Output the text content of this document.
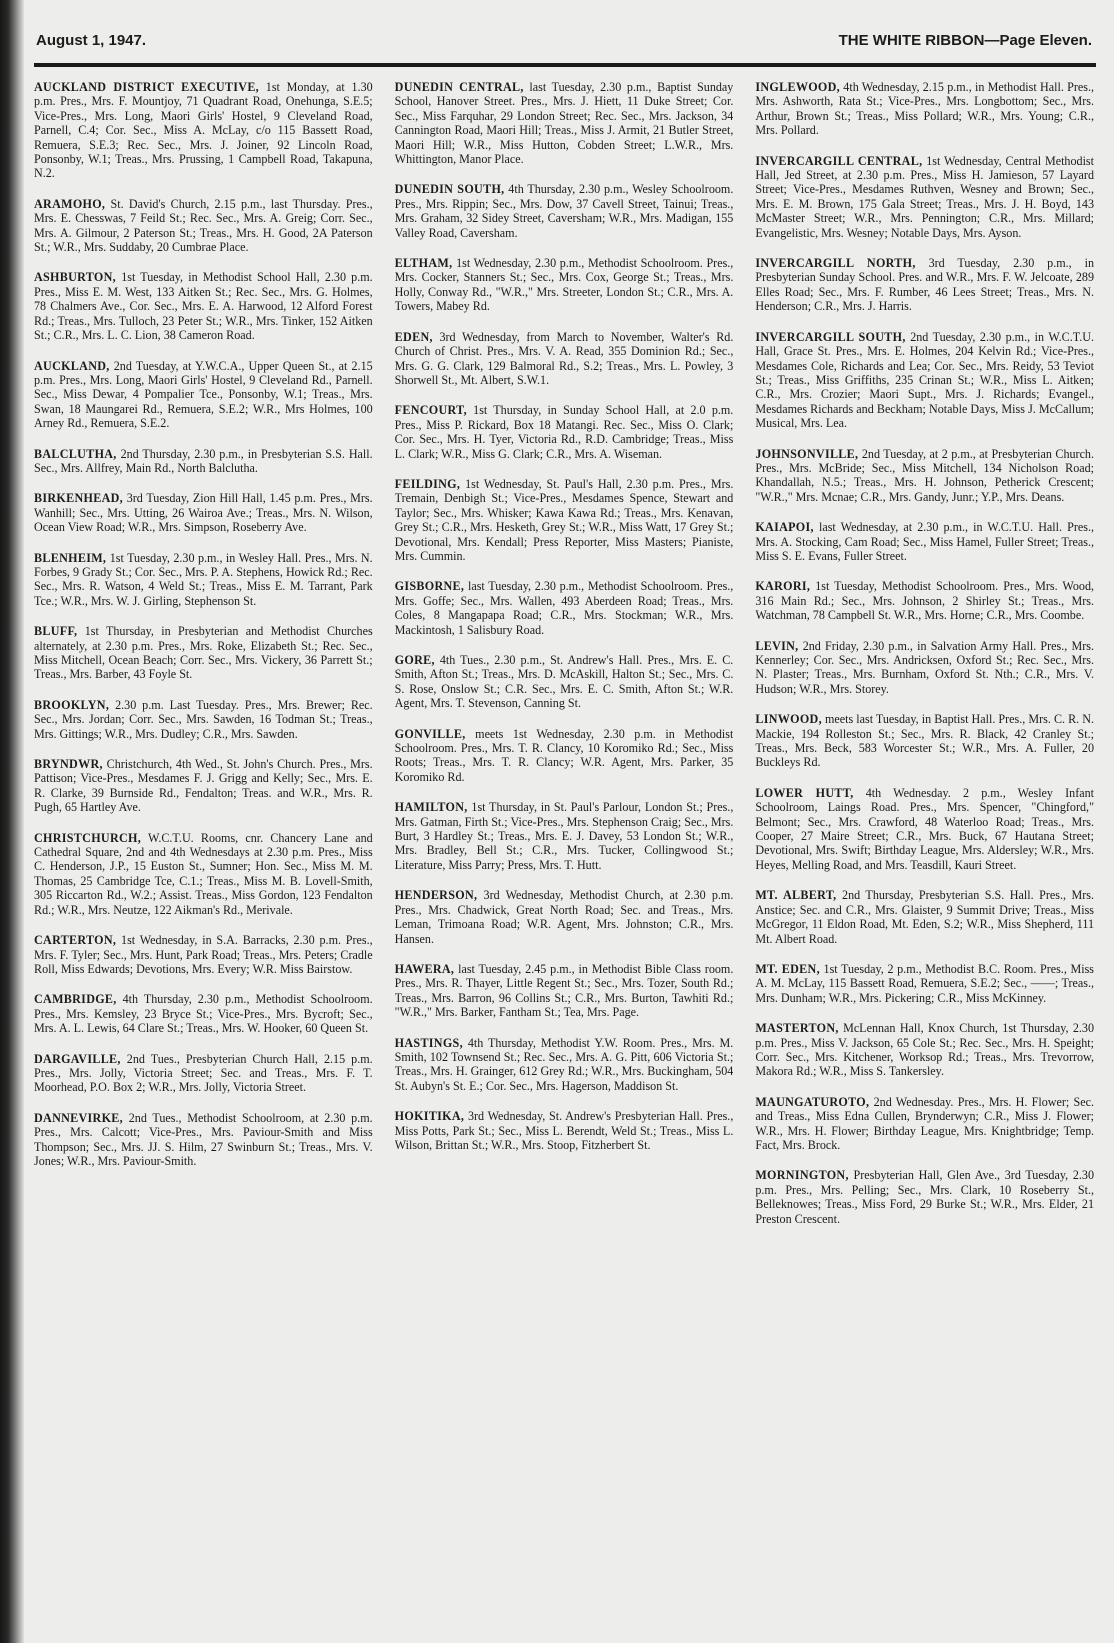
August 1, 1947.	THE WHITE RIBBON—Page Eleven.

AUCKLAND DISTRICT EXECUTIVE, 1st Monday, at 1.30 p.m. Pres., Mrs. F. Mountjoy, 71 Quadrant Road, Onehunga, S.E.5; Vice-Pres., Mrs. Long, Maori Girls' Hostel, 9 Cleveland Road, Parnell, C.4; Cor. Sec., Miss A. McLay, c/o 115 Bassett Road, Remuera, S.E.3; Rec. Sec., Mrs. J. Joiner, 92 Lincoln Road, Ponsonby, W.1; Treas., Mrs. Prussing, 1 Campbell Road, Takapuna, N.2.

ARAMOHO, St. David's Church, 2.15 p.m., last Thursday. Pres., Mrs. E. Chesswas, 7 Feild St.; Rec. Sec., Mrs. A. Greig; Corr. Sec., Mrs. A. Gilmour, 2 Paterson St.; Treas., Mrs. H. Good, 2A Paterson St.; W.R., Mrs. Suddaby, 20 Cumbrae Place.

ASHBURTON, 1st Tuesday, in Methodist School Hall, 2.30 p.m. Pres., Miss E. M. West, 133 Aitken St.; Rec. Sec., Mrs. G. Holmes, 78 Chalmers Ave., Cor. Sec., Mrs. E. A. Harwood, 12 Alford Forest Rd.; Treas., Mrs. Tulloch, 23 Peter St.; W.R., Mrs. Tinker, 152 Aitken St.; C.R., Mrs. L. C. Lion, 38 Cameron Road.

AUCKLAND, 2nd Tuesday, at Y.W.C.A., Upper Queen St., at 2.15 p.m. Pres., Mrs. Long, Maori Girls' Hostel, 9 Cleveland Rd., Parnell. Sec., Miss Dewar, 4 Pompalier Tce., Ponsonby, W.1; Treas., Mrs. Swan, 18 Maungarei Rd., Remuera, S.E.2; W.R., Mrs Holmes, 100 Arney Rd., Remuera, S.E.2.

BALCLUTHA, 2nd Thursday, 2.30 p.m., in Presbyterian S.S. Hall. Sec., Mrs. Allfrey, Main Rd., North Balclutha.

BIRKENHEAD, 3rd Tuesday, Zion Hill Hall, 1.45 p.m. Pres., Mrs. Wanhill; Sec., Mrs. Utting, 26 Wairoa Ave.; Treas., Mrs. N. Wilson, Ocean View Road; W.R., Mrs. Simpson, Roseberry Ave.

BLENHEIM, 1st Tuesday, 2.30 p.m., in Wesley Hall. Pres., Mrs. N. Forbes, 9 Grady St.; Cor. Sec., Mrs. P. A. Stephens, Howick Rd.; Rec. Sec., Mrs. R. Watson, 4 Weld St.; Treas., Miss E. M. Tarrant, Park Tce.; W.R., Mrs. W. J. Girling, Stephenson St.

BLUFF, 1st Thursday, in Presbyterian and Methodist Churches alternately, at 2.30 p.m. Pres., Mrs. Roke, Elizabeth St.; Rec. Sec., Miss Mitchell, Ocean Beach; Corr. Sec., Mrs. Vickery, 36 Parrett St.; Treas., Mrs. Barber, 43 Foyle St.

BROOKLYN, 2.30 p.m. Last Tuesday. Pres., Mrs. Brewer; Rec. Sec., Mrs. Jordan; Corr. Sec., Mrs. Sawden, 16 Todman St.; Treas., Mrs. Gittings; W.R., Mrs. Dudley; C.R., Mrs. Sawden.

BRYNDWR, Christchurch, 4th Wed., St. John's Church. Pres., Mrs. Pattison; Vice-Pres., Mesdames F. J. Grigg and Kelly; Sec., Mrs. E. R. Clarke, 39 Burnside Rd., Fendalton; Treas. and W.R., Mrs. R. Pugh, 65 Hartley Ave.

CHRISTCHURCH, W.C.T.U. Rooms, cnr. Chancery Lane and Cathedral Square, 2nd and 4th Wednesdays at 2.30 p.m. Pres., Miss C. Henderson, J.P., 15 Euston St., Sumner; Hon. Sec., Miss M. M. Thomas, 25 Cambridge Tce, C.1.; Treas., Miss M. B. Lovell-Smith, 305 Riccarton Rd., W.2.; Assist. Treas., Miss Gordon, 123 Fendalton Rd.; W.R., Mrs. Neutze, 122 Aikman's Rd., Merivale.

CARTERTON, 1st Wednesday, in S.A. Barracks, 2.30 p.m. Pres., Mrs. F. Tyler; Sec., Mrs. Hunt, Park Road; Treas., Mrs. Peters; Cradle Roll, Miss Edwards; Devotions, Mrs. Every; W.R. Miss Bairstow.

CAMBRIDGE, 4th Thursday, 2.30 p.m., Methodist Schoolroom. Pres., Mrs. Kemsley, 23 Bryce St.; Vice-Pres., Mrs. Bycroft; Sec., Mrs. A. L. Lewis, 64 Clare St.; Treas., Mrs. W. Hooker, 60 Queen St.

DARGAVILLE, 2nd Tues., Presbyterian Church Hall, 2.15 p.m. Pres., Mrs. Jolly, Victoria Street; Sec. and Treas., Mrs. F. T. Moorhead, P.O. Box 2; W.R., Mrs. Jolly, Victoria Street.

DANNEVIRKE, 2nd Tues., Methodist Schoolroom, at 2.30 p.m. Pres., Mrs. Calcott; Vice-Pres., Mrs. Paviour-Smith and Miss Thompson; Sec., Mrs. JJ. S. Hilm, 27 Swinburn St.; Treas., Mrs. V. Jones; W.R., Mrs. Paviour-Smith.

DUNEDIN CENTRAL, last Tuesday, 2.30 p.m., Baptist Sunday School, Hanover Street. Pres., Mrs. J. Hiett, 11 Duke Street; Cor. Sec., Miss Farquhar, 29 London Street; Rec. Sec., Mrs. Jackson, 34 Cannington Road, Maori Hill; Treas., Miss J. Armit, 21 Butler Street, Maori Hill; W.R., Miss Hutton, Cobden Street; L.W.R., Mrs. Whittington, Manor Place.

DUNEDIN SOUTH, 4th Thursday, 2.30 p.m., Wesley Schoolroom. Pres., Mrs. Rippin; Sec., Mrs. Dow, 37 Cavell Street, Tainui; Treas., Mrs. Graham, 32 Sidey Street, Caversham; W.R., Mrs. Madigan, 155 Valley Road, Caversham.

ELTHAM, 1st Wednesday, 2.30 p.m., Methodist Schoolroom. Pres., Mrs. Cocker, Stanners St.; Sec., Mrs. Cox, George St.; Treas., Mrs. Holly, Conway Rd., "W.R.," Mrs. Streeter, London St.; C.R., Mrs. A. Towers, Mabey Rd.

EDEN, 3rd Wednesday, from March to November, Walter's Rd. Church of Christ. Pres., Mrs. V. A. Read, 355 Dominion Rd.; Sec., Mrs. G. G. Clark, 129 Balmoral Rd., S.2; Treas., Mrs. L. Powley, 3 Shorwell St., Mt. Albert, S.W.1.

FENCOURT, 1st Thursday, in Sunday School Hall, at 2.0 p.m. Pres., Miss P. Rickard, Box 18 Matangi. Rec. Sec., Miss O. Clark; Cor. Sec., Mrs. H. Tyer, Victoria Rd., R.D. Cambridge; Treas., Miss L. Clark; W.R., Miss G. Clark; C.R., Mrs. A. Wiseman.

FEILDING, 1st Wednesday, St. Paul's Hall, 2.30 p.m. Pres., Mrs. Tremain, Denbigh St.; Vice-Pres., Mesdames Spence, Stewart and Taylor; Sec., Mrs. Whisker; Kawa Kawa Rd.; Treas., Mrs. Kenavan, Grey St.; C.R., Mrs. Hesketh, Grey St.; W.R., Miss Watt, 17 Grey St.; Devotional, Mrs. Kendall; Press Reporter, Miss Masters; Pianiste, Mrs. Cummin.

GISBORNE, last Tuesday, 2.30 p.m., Methodist Schoolroom. Pres., Mrs. Goffe; Sec., Mrs. Wallen, 493 Aberdeen Road; Treas., Mrs. Coles, 8 Mangapapa Road; C.R., Mrs. Stockman; W.R., Mrs. Mackintosh, 1 Salisbury Road.

GORE, 4th Tues., 2.30 p.m., St. Andrew's Hall. Pres., Mrs. E. C. Smith, Afton St.; Treas., Mrs. D. McAskill, Halton St.; Sec., Mrs. C. S. Rose, Onslow St.; C.R. Sec., Mrs. E. C. Smith, Afton St.; W.R. Agent, Mrs. T. Stevenson, Canning St.

GONVILLE, meets 1st Wednesday, 2.30 p.m. in Methodist Schoolroom. Pres., Mrs. T. R. Clancy, 10 Koromiko Rd.; Sec., Miss Roots; Treas., Mrs. T. R. Clancy; W.R. Agent, Mrs. Parker, 35 Koromiko Rd.

HAMILTON, 1st Thursday, in St. Paul's Parlour, London St.; Pres., Mrs. Gatman, Firth St.; Vice-Pres., Mrs. Stephenson Craig; Sec., Mrs. Burt, 3 Hardley St.; Treas., Mrs. E. J. Davey, 53 London St.; W.R., Mrs. Bradley, Bell St.; C.R., Mrs. Tucker, Collingwood St.; Literature, Miss Parry; Press, Mrs. T. Hutt.

HENDERSON, 3rd Wednesday, Methodist Church, at 2.30 p.m. Pres., Mrs. Chadwick, Great North Road; Sec. and Treas., Mrs. Leman, Trimoana Road; W.R. Agent, Mrs. Johnston; C.R., Mrs. Hansen.

HAWERA, last Tuesday, 2.45 p.m., in Methodist Bible Class room. Pres., Mrs. R. Thayer, Little Regent St.; Sec., Mrs. Tozer, South Rd.; Treas., Mrs. Barron, 96 Collins St.; C.R., Mrs. Burton, Tawhiti Rd.; "W.R.," Mrs. Barker, Fantham St.; Tea, Mrs. Page.

HASTINGS, 4th Thursday, Methodist Y.W. Room. Pres., Mrs. M. Smith, 102 Townsend St.; Rec. Sec., Mrs. A. G. Pitt, 606 Victoria St.; Treas., Mrs. H. Grainger, 612 Grey Rd.; W.R., Mrs. Buckingham, 504 St. Aubyn's St. E.; Cor. Sec., Mrs. Hagerson, Maddison St.

HOKITIKA, 3rd Wednesday, St. Andrew's Presbyterian Hall. Pres., Miss Potts, Park St.; Sec., Miss L. Berendt, Weld St.; Treas., Miss L. Wilson, Brittan St.; W.R., Mrs. Stoop, Fitzherbert St.

INGLEWOOD, 4th Wednesday, 2.15 p.m., in Methodist Hall. Pres., Mrs. Ashworth, Rata St.; Vice-Pres., Mrs. Longbottom; Sec., Mrs. Arthur, Brown St.; Treas., Miss Pollard; W.R., Mrs. Young; C.R., Mrs. Pollard.

INVERCARGILL CENTRAL, 1st Wednesday, Central Methodist Hall, Jed Street, at 2.30 p.m. Pres., Miss H. Jamieson, 57 Layard Street; Vice-Pres., Mesdames Ruthven, Wesney and Brown; Sec., Mrs. E. M. Brown, 175 Gala Street; Treas., Mrs. J. H. Boyd, 143 McMaster Street; W.R., Mrs. Pennington; C.R., Mrs. Millard; Evangelistic, Mrs. Wesney; Notable Days, Mrs. Ayson.

INVERCARGILL NORTH, 3rd Tuesday, 2.30 p.m., in Presbyterian Sunday School. Pres. and W.R., Mrs. F. W. Jelcoate, 289 Elles Road; Sec., Mrs. F. Rumber, 46 Lees Street; Treas., Mrs. N. Henderson; C.R., Mrs. J. Harris.

INVERCARGILL SOUTH, 2nd Tuesday, 2.30 p.m., in W.C.T.U. Hall, Grace St. Pres., Mrs. E. Holmes, 204 Kelvin Rd.; Vice-Pres., Mesdames Cole, Richards and Lea; Cor. Sec., Mrs. Reidy, 53 Teviot St.; Treas., Miss Griffiths, 235 Crinan St.; W.R., Miss L. Aitken; C.R., Mrs. Crozier; Maori Supt., Mrs. J. Richards; Evangel., Mesdames Richards and Beckham; Notable Days, Miss J. McCallum; Musical, Mrs. Lea.

JOHNSONVILLE, 2nd Tuesday, at 2 p.m., at Presbyterian Church. Pres., Mrs. McBride; Sec., Miss Mitchell, 134 Nicholson Road; Khandallah, N.5.; Treas., Mrs. H. Johnson, Petherick Crescent; "W.R.," Mrs. Mcnae; C.R., Mrs. Gandy, Junr.; Y.P., Mrs. Deans.

KAIAPOI, last Wednesday, at 2.30 p.m., in W.C.T.U. Hall. Pres., Mrs. A. Stocking, Cam Road; Sec., Miss Hamel, Fuller Street; Treas., Miss S. E. Evans, Fuller Street.

KARORI, 1st Tuesday, Methodist Schoolroom. Pres., Mrs. Wood, 316 Main Rd.; Sec., Mrs. Johnson, 2 Shirley St.; Treas., Mrs. Watchman, 78 Campbell St. W.R., Mrs. Horne; C.R., Mrs. Coombe.

LEVIN, 2nd Friday, 2.30 p.m., in Salvation Army Hall. Pres., Mrs. Kennerley; Cor. Sec., Mrs. Andricksen, Oxford St.; Rec. Sec., Mrs. N. Plaster; Treas., Mrs. Burnham, Oxford St. Nth.; C.R., Mrs. V. Hudson; W.R., Mrs. Storey.

LINWOOD, meets last Tuesday, in Baptist Hall. Pres., Mrs. C. R. N. Mackie, 194 Rolleston St.; Sec., Mrs. R. Black, 42 Cranley St.; Treas., Mrs. Beck, 583 Worcester St.; W.R., Mrs. A. Fuller, 20 Buckleys Rd.

LOWER HUTT, 4th Wednesday. 2 p.m., Wesley Infant Schoolroom, Laings Road. Pres., Mrs. Spencer, "Chingford," Belmont; Sec., Mrs. Crawford, 48 Waterloo Road; Treas., Mrs. Cooper, 27 Maire Street; C.R., Mrs. Buck, 67 Hautana Street; Devotional, Mrs. Swift; Birthday League, Mrs. Aldersley; W.R., Mrs. Heyes, Melling Road, and Mrs. Teasdill, Kauri Street.

MT. ALBERT, 2nd Thursday, Presbyterian S.S. Hall. Pres., Mrs. Anstice; Sec. and C.R., Mrs. Glaister, 9 Summit Drive; Treas., Miss McGregor, 11 Eldon Road, Mt. Eden, S.2; W.R., Miss Shepherd, 111 Mt. Albert Road.

MT. EDEN, 1st Tuesday, 2 p.m., Methodist B.C. Room. Pres., Miss A. M. McLay, 115 Bassett Road, Remuera, S.E.2; Sec., ——; Treas., Mrs. Dunham; W.R., Mrs. Pickering; C.R., Miss McKinney.

MASTERTON, McLennan Hall, Knox Church, 1st Thursday, 2.30 p.m. Pres., Miss V. Jackson, 65 Cole St.; Rec. Sec., Mrs. H. Speight; Corr. Sec., Mrs. Kitchener, Worksop Rd.; Treas., Mrs. Trevorrow, Makora Rd.; W.R., Miss S. Tankersley.

MAUNGATUROTO, 2nd Wednesday. Pres., Mrs. H. Flower; Sec. and Treas., Miss Edna Cullen, Brynderwyn; C.R., Miss J. Flower; W.R., Mrs. H. Flower; Birthday League, Mrs. Knightbridge; Temp. Fact, Mrs. Brock.

MORNINGTON, Presbyterian Hall, Glen Ave., 3rd Tuesday, 2.30 p.m. Pres., Mrs. Pelling; Sec., Mrs. Clark, 10 Roseberry St., Belleknowes; Treas., Miss Ford, 29 Burke St.; W.R., Mrs. Elder, 21 Preston Crescent.
